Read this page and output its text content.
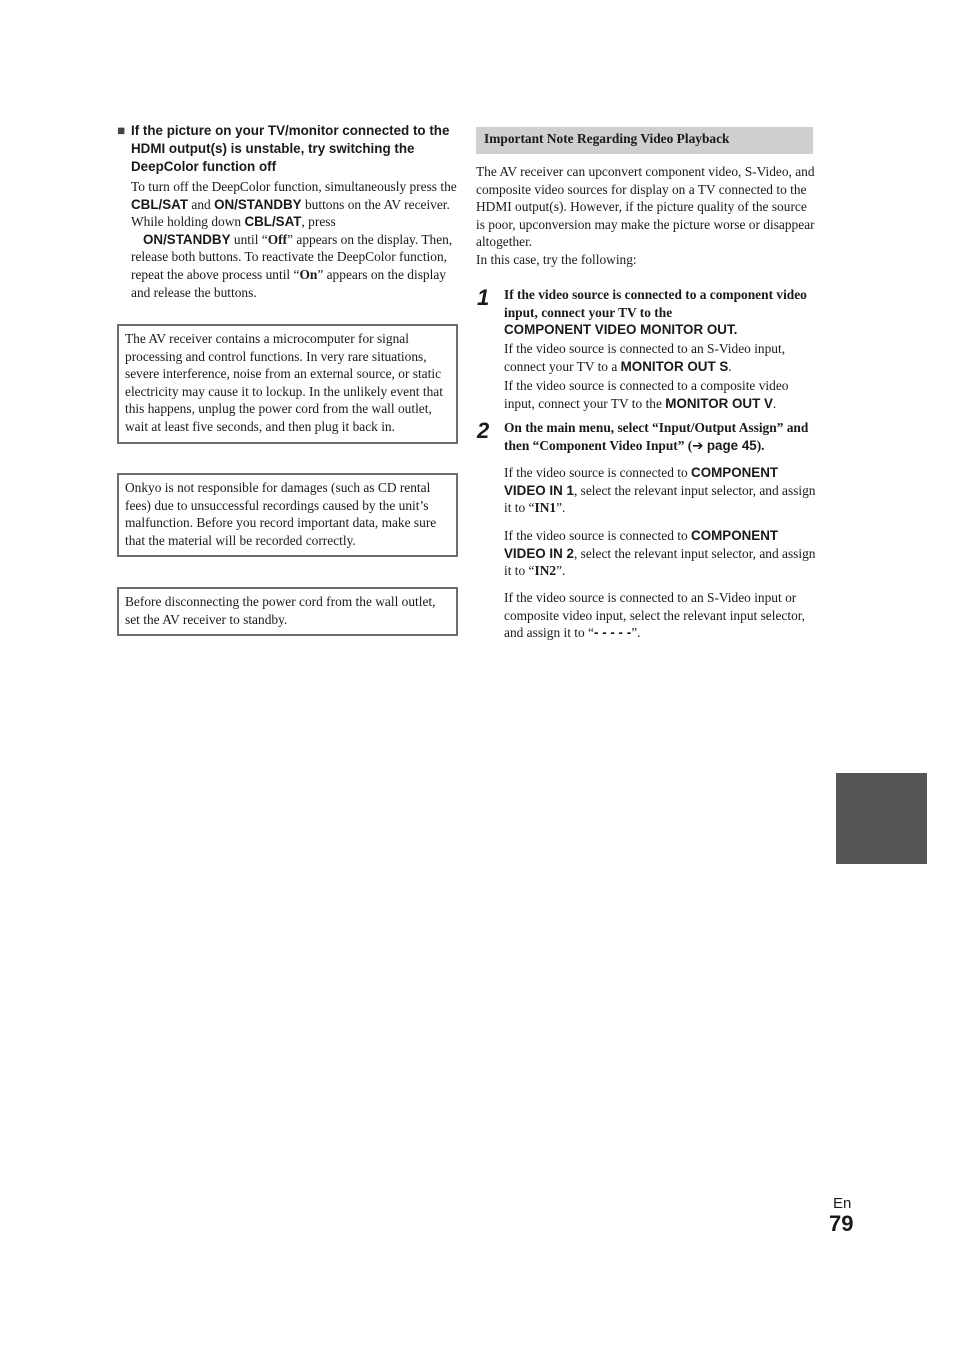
■ If the picture on your TV/monitor connected to the HDMI output(s) is unstable, try switching the DeepColor function off

To turn off the DeepColor function, simultaneously press the CBL/SAT and ON/STANDBY buttons on the AV receiver. While holding down CBL/SAT, press
ON/STANDBY until “Off” appears on the display. Then, release both buttons. To reactivate the DeepColor function, repeat the above process until “On” appears on the display and release the buttons.

The AV receiver contains a microcomputer for signal processing and control functions. In very rare situations, severe interference, noise from an external source, or static electricity may cause it to lockup. In the unlikely event that this happens, unplug the power cord from the wall outlet, wait at least five seconds, and then plug it back in.

Onkyo is not responsible for damages (such as CD rental fees) due to unsuccessful recordings caused by the unit’s malfunction. Before you record important data, make sure that the material will be recorded correctly.

Before disconnecting the power cord from the wall outlet, set the AV receiver to standby.

Important Note Regarding Video Playback

The AV receiver can upconvert component video, S-Video, and composite video sources for display on a TV connected to the HDMI output(s). However, if the picture quality of the source is poor, upconversion may make the picture worse or disappear altogether.

In this case, try the following:

1 If the video source is connected to a component video input, connect your TV to the
COMPONENT VIDEO MONITOR OUT.

If the video source is connected to an S-Video input, connect your TV to a MONITOR OUT S.

If the video source is connected to a composite video input, connect your TV to the MONITOR OUT V.

2 On the main menu, select “Input/Output Assign” and then “Component Video Input” (➔ page 45).

If the video source is connected to COMPONENT VIDEO IN 1, select the relevant input selector, and assign it to “IN1”.

If the video source is connected to COMPONENT VIDEO IN 2, select the relevant input selector, and assign it to “IN2”.

If the video source is connected to an S-Video input or composite video input, select the relevant input selector, and assign it to “- - - - -”.

En
79
